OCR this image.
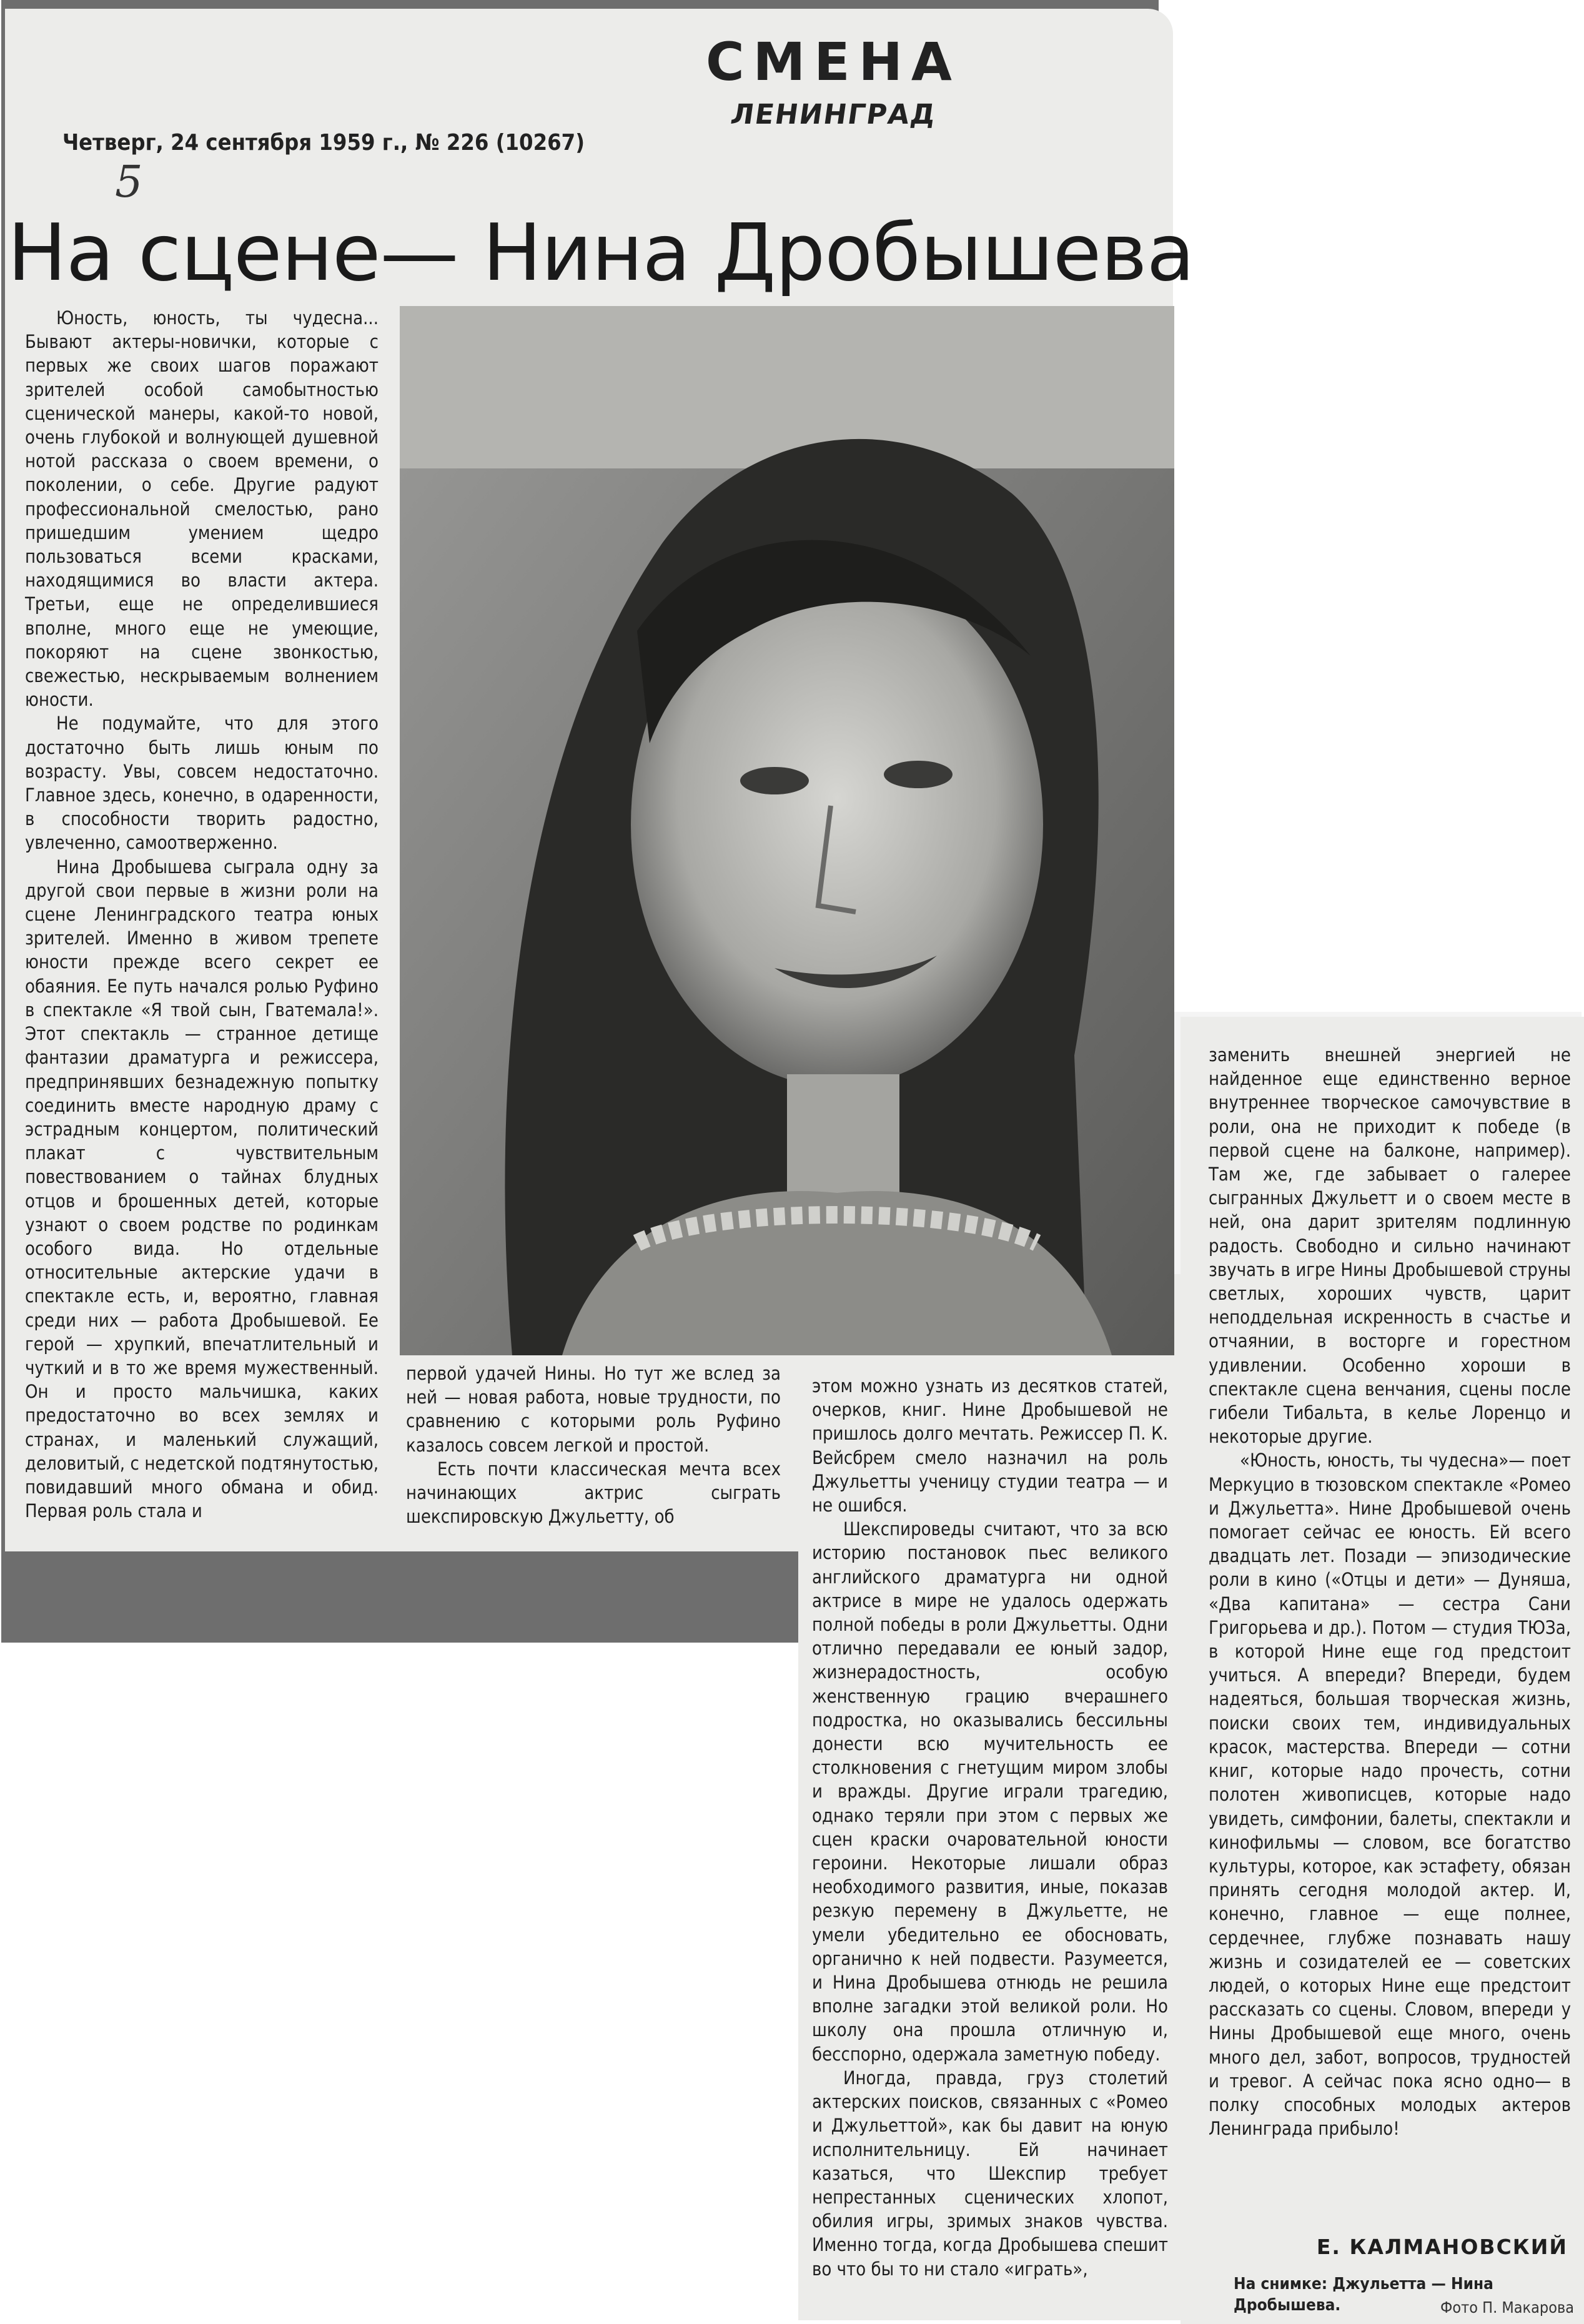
СМЕНА
ЛЕНИНГРАД
Четверг, 24 сентября 1959 г., № 226 (10267)
5
На сцене— Нина Дробышева

Юность, юность, ты чудесна... Бывают актеры-новички, которые с первых же своих шагов поражают зрителей особой самобытностью сценической манеры, какой-то новой, очень глубокой и волнующей душевной нотой рассказа о своем времени, о поколении, о себе. Другие радуют профессиональной смелостью, рано пришедшим умением щедро пользоваться всеми красками, находящимися во власти актера. Третьи, еще не определившиеся вполне, много еще не умеющие, покоряют на сцене звонкостью, свежестью, нескрываемым волнением юности.

Не подумайте, что для этого достаточно быть лишь юным по возрасту. Увы, совсем недостаточно. Главное здесь, конечно, в одаренности, в способности творить радостно, увлеченно, самоотверженно.

Нина Дробышева сыграла одну за другой свои первые в жизни роли на сцене Ленинградского театра юных зрителей. Именно в живом трепете юности прежде всего секрет ее обаяния. Ее путь начался ролью Руфино в спектакле «Я твой сын, Гватемала!». Этот спектакль — странное детище фантазии драматурга и режиссера, предпринявших безнадежную попытку соединить вместе народную драму с эстрадным концертом, политический плакат с чувствительным повествованием о тайнах блудных отцов и брошенных детей, которые узнают о своем родстве по родинкам особого вида. Но отдельные относительные актерские удачи в спектакле есть, и, вероятно, главная среди них — работа Дробышевой. Ее герой — хрупкий, впечатлительный и чуткий и в то же время мужественный. Он и просто мальчишка, каких предостаточно во всех землях и странах, и маленький служащий, деловитый, с недетской подтянутостью, повидавший много обмана и обид. Первая роль стала и

первой удачей Нины. Но тут же вслед за ней — новая работа, новые трудности, по сравнению с которыми роль Руфино казалось совсем легкой и простой.

Есть почти классическая мечта всех начинающих актрис сыграть шекспировскую Джульетту, об

этом можно узнать из десятков статей, очерков, книг. Нине Дробышевой не пришлось долго мечтать. Режиссер П. К. Вейсбрем смело назначил на роль Джульетты ученицу студии театра — и не ошибся.

Шекспироведы считают, что за всю историю постановок пьес великого английского драматурга ни одной актрисе в мире не удалось одержать полной победы в роли Джульетты. Одни отлично передавали ее юный задор, жизнерадостность, особую женственную грацию вчерашнего подростка, но оказывались бессильны донести всю мучительность ее столкновения с гнетущим миром злобы и вражды. Другие играли трагедию, однако теряли при этом с первых же сцен краски очаровательной юности героини. Некоторые лишали образ необходимого развития, иные, показав резкую перемену в Джульетте, не умели убедительно ее обосновать, органично к ней подвести. Разумеется, и Нина Дробышева отнюдь не решила вполне загадки этой великой роли. Но школу она прошла отличную и, бесспорно, одержала заметную победу.

Иногда, правда, груз столетий актерских поисков, связанных с «Ромео и Джульеттой», как бы давит на юную исполнительницу. Ей начинает казаться, что Шекспир требует непрестанных сценических хлопот, обилия игры, зримых знаков чувства. Именно тогда, когда Дробышева спешит во что бы то ни стало «играть»,

заменить внешней энергией не найденное еще единственно верное внутреннее творческое самочувствие в роли, она не приходит к победе (в первой сцене на балконе, например). Там же, где забывает о галерее сыгранных Джульетт и о своем месте в ней, она дарит зрителям подлинную радость. Свободно и сильно начинают звучать в игре Нины Дробышевой струны светлых, хороших чувств, царит неподдельная искренность в счастье и отчаянии, в восторге и горестном удивлении. Особенно хороши в спектакле сцена венчания, сцены после гибели Тибальта, в келье Лоренцо и некоторые другие.

«Юность, юность, ты чудесна»— поет Меркуцио в тюзовском спектакле «Ромео и Джульетта». Нине Дробышевой очень помогает сейчас ее юность. Ей всего двадцать лет. Позади — эпизодические роли в кино («Отцы и дети» — Дуняша, «Два капитана» — сестра Сани Григорьева и др.). Потом — студия ТЮЗа, в которой Нине еще год предстоит учиться. А впереди? Впереди, будем надеяться, большая творческая жизнь, поиски своих тем, индивидуальных красок, мастерства. Впереди — сотни книг, которые надо прочесть, сотни полотен живописцев, которые надо увидеть, симфонии, балеты, спектакли и кинофильмы — словом, все богатство культуры, которое, как эстафету, обязан принять сегодня молодой актер. И, конечно, главное — еще полнее, сердечнее, глубже познавать нашу жизнь и созидателей ее — советских людей, о которых Нине еще предстоит рассказать со сцены. Словом, впереди у Нины Дробышевой еще много, очень много дел, забот, вопросов, трудностей и тревог. А сейчас пока ясно одно— в полку способных молодых актеров Ленинграда прибыло!

Е. КАЛМАНОВСКИЙ
На снимке: Джульетта — Нина Дробышева.	Фото П. Макарова
